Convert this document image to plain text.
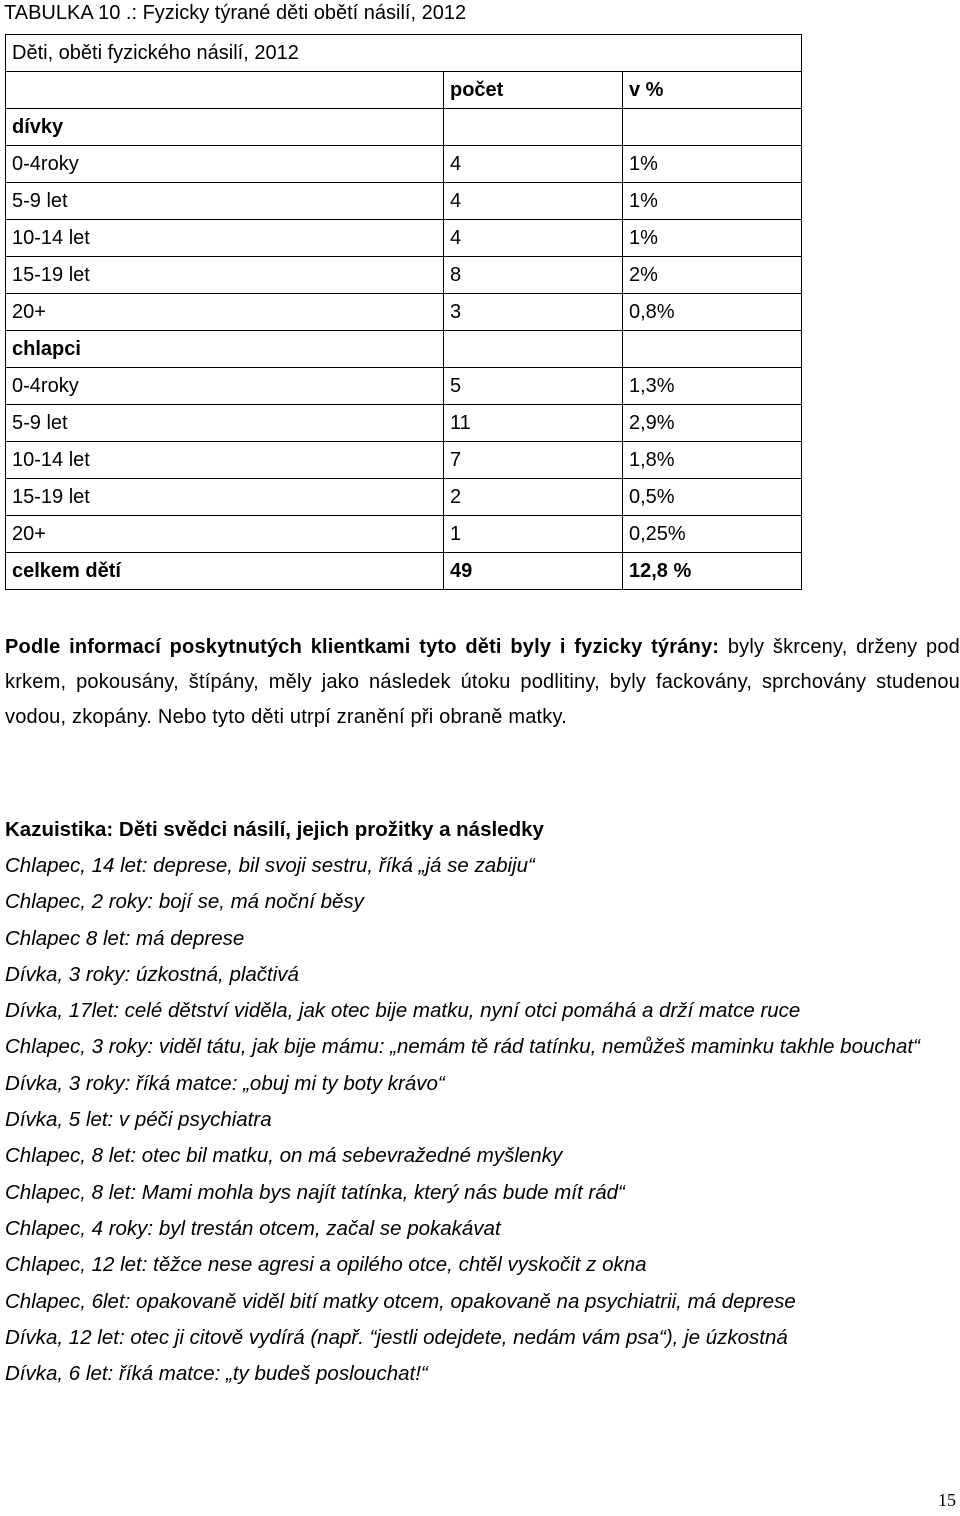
TABULKA 10 .: Fyzicky týrané děti obětí násilí, 2012
Děti, oběti fyzického násilí, 2012		
	počet	v %
dívky		
0-4roky	4	1%
5-9 let	4	1%
10-14 let	4	1%
15-19 let	8	2%
20+	3	0,8%
chlapci		
0-4roky	5	1,3%
5-9 let	11	2,9%
10-14 let	7	1,8%
15-19 let	2	0,5%
20+	1	0,25%
celkem dětí	49	12,8 %
Podle informací poskytnutých klientkami tyto děti byly i fyzicky týrány: byly škrceny, drženy pod krkem, pokousány, štípány, měly jako následek útoku podlitiny, byly fackovány, sprchovány studenou vodou, zkopány. Nebo tyto děti utrpí zranění při obraně matky.
Kazuistika: Děti svědci násilí, jejich prožitky a následky
Chlapec, 14 let: deprese, bil svoji sestru, říká „já se zabiju“
Chlapec, 2 roky: bojí se, má noční běsy
Chlapec 8 let: má deprese
Dívka, 3 roky: úzkostná, plačtivá
Dívka, 17let: celé dětství viděla, jak otec bije matku, nyní otci pomáhá a drží matce ruce
Chlapec, 3 roky: viděl tátu, jak bije mámu: „nemám tě rád tatínku, nemůžeš maminku takhle bouchat“
Dívka, 3 roky: říká matce: „obuj mi ty boty krávo“
Dívka, 5 let: v péči psychiatra
Chlapec, 8 let: otec bil matku, on má sebevražedné myšlenky
Chlapec, 8 let: Mami mohla bys najít tatínka, který nás bude mít rád“
Chlapec, 4 roky: byl trestán otcem, začal se pokakávat
Chlapec, 12 let: těžce nese agresi a opilého otce, chtěl vyskočit z okna
Chlapec, 6let: opakovaně viděl bití matky otcem, opakovaně na psychiatrii, má deprese
Dívka, 12 let: otec ji citově vydírá (např. “jestli odejdete, nedám vám psa“), je úzkostná
Dívka, 6 let: říká matce: „ty budeš poslouchat!“
15
